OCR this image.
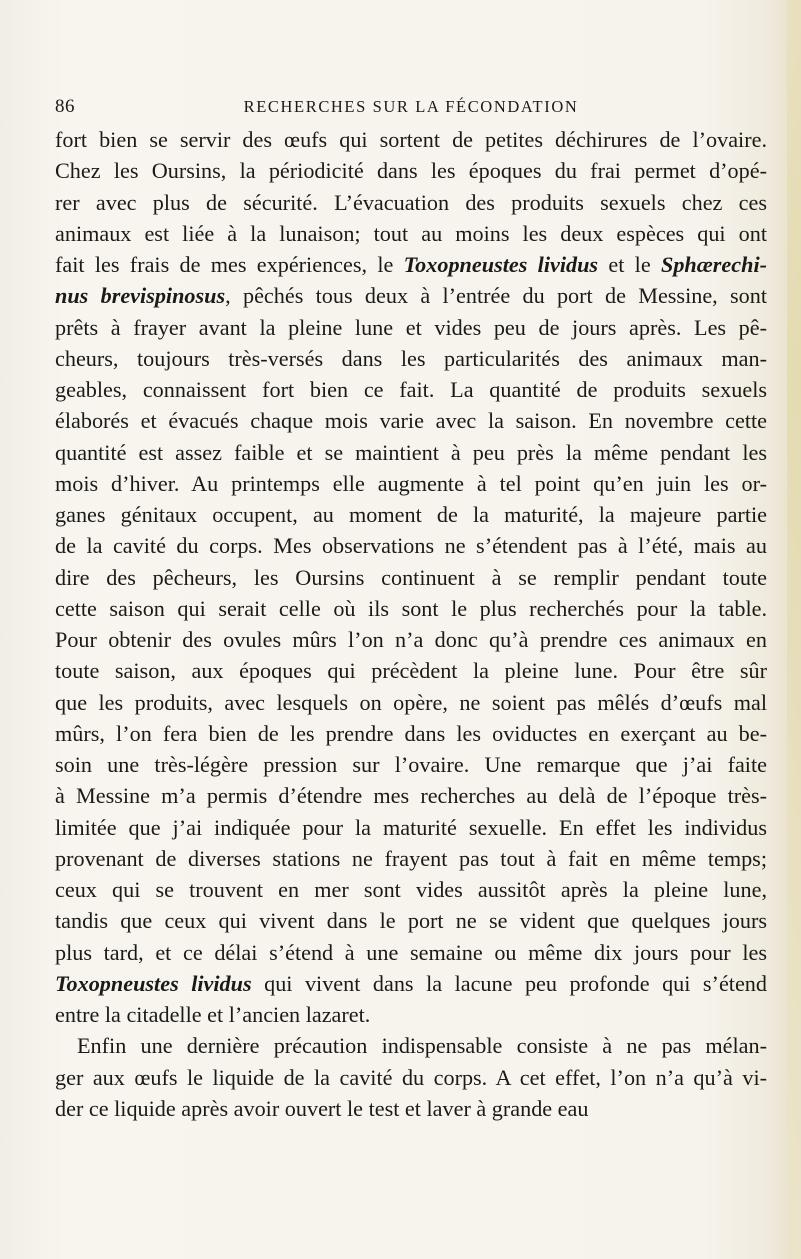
86	RECHERCHES SUR LA FÉCONDATION
fort bien se servir des œufs qui sortent de petites déchirures de l’ovaire.
Chez les Oursins, la périodicité dans les époques du frai permet d’opé-
rer avec plus de sécurité. L’évacuation des produits sexuels chez ces
animaux est liée à la lunaison; tout au moins les deux espèces qui ont
fait les frais de mes expériences, le Toxopneustes lividus et le Sphærechi-
nus brevispinosus, pêchés tous deux à l’entrée du port de Messine, sont
prêts à frayer avant la pleine lune et vides peu de jours après. Les pê-
cheurs, toujours très-versés dans les particularités des animaux man-
geables, connaissent fort bien ce fait. La quantité de produits sexuels
élaborés et évacués chaque mois varie avec la saison. En novembre cette
quantité est assez faible et se maintient à peu près la même pendant les
mois d’hiver. Au printemps elle augmente à tel point qu’en juin les or-
ganes génitaux occupent, au moment de la maturité, la majeure partie
de la cavité du corps. Mes observations ne s’étendent pas à l’été, mais au
dire des pêcheurs, les Oursins continuent à se remplir pendant toute
cette saison qui serait celle où ils sont le plus recherchés pour la table.
Pour obtenir des ovules mûrs l’on n’a donc qu’à prendre ces animaux en
toute saison, aux époques qui précèdent la pleine lune. Pour être sûr
que les produits, avec lesquels on opère, ne soient pas mêlés d’œufs mal
mûrs, l’on fera bien de les prendre dans les oviductes en exerçant au be-
soin une très-légère pression sur l’ovaire. Une remarque que j’ai faite
à Messine m’a permis d’étendre mes recherches au delà de l’époque très-
limitée que j’ai indiquée pour la maturité sexuelle. En effet les individus
provenant de diverses stations ne frayent pas tout à fait en même temps;
ceux qui se trouvent en mer sont vides aussitôt après la pleine lune,
tandis que ceux qui vivent dans le port ne se vident que quelques jours
plus tard, et ce délai s’étend à une semaine ou même dix jours pour les
Toxopneustes lividus qui vivent dans la lacune peu profonde qui s’étend
entre la citadelle et l’ancien lazaret.
Enfin une dernière précaution indispensable consiste à ne pas mélan-
ger aux œufs le liquide de la cavité du corps. A cet effet, l’on n’a qu’à vi-
der ce liquide après avoir ouvert le test et laver à grande eau
